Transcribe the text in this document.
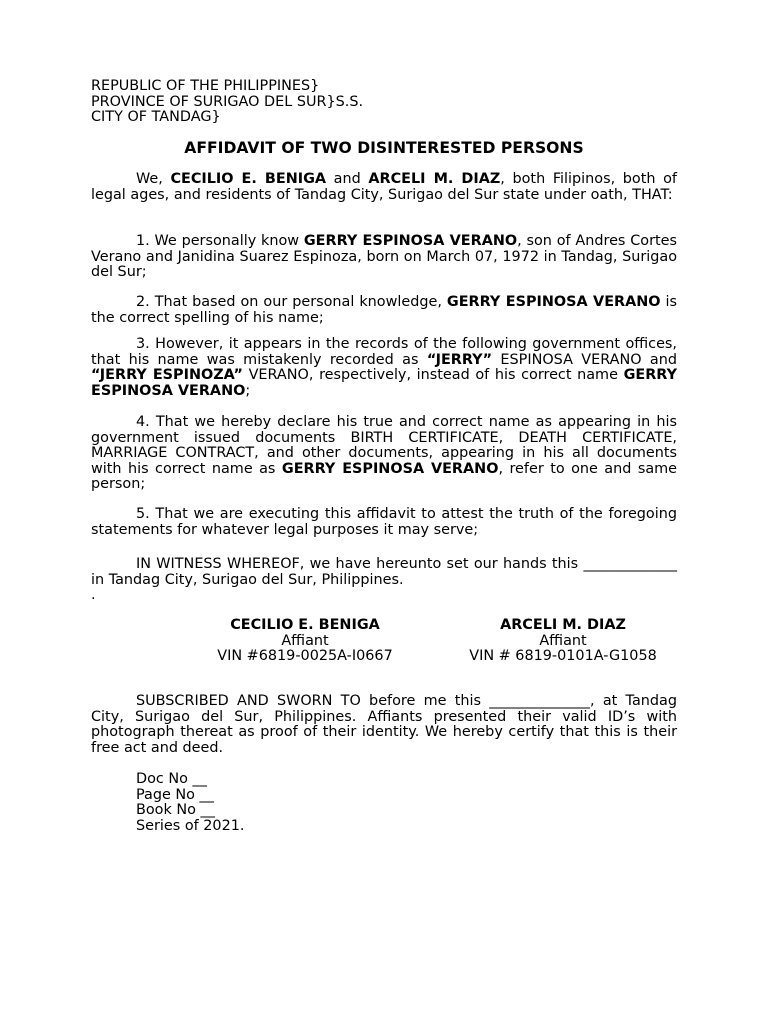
REPUBLIC OF THE PHILIPPINES}
PROVINCE OF SURIGAO DEL SUR}S.S.
CITY OF TANDAG}
AFFIDAVIT OF TWO DISINTERESTED PERSONS

We, CECILIO E. BENIGA and ARCELI M. DIAZ, both Filipinos, both of legal ages, and residents of Tandag City, Surigao del Sur state under oath, THAT:

1. We personally know GERRY ESPINOSA VERANO, son of Andres Cortes Verano and Janidina Suarez Espinoza, born on March 07, 1972 in Tandag, Surigao del Sur;

2. That based on our personal knowledge, GERRY ESPINOSA VERANO is the correct spelling of his name;

3. However, it appears in the records of the following government offices, that his name was mistakenly recorded as “JERRY” ESPINOSA VERANO and “JERRY ESPINOZA” VERANO, respectively, instead of his correct name GERRY ESPINOSA VERANO;

4. That we hereby declare his true and correct name as appearing in his government issued documents BIRTH CERTIFICATE, DEATH CERTIFICATE, MARRIAGE CONTRACT, and other documents, appearing in his all documents with his correct name as GERRY ESPINOSA VERANO, refer to one and same person;

5. That we are executing this affidavit to attest the truth of the foregoing statements for whatever legal purposes it may serve;

IN WITNESS WHEREOF, we have hereunto set our hands this _____________ in Tandag City, Surigao del Sur, Philippines.

.
CECILIO E. BENIGA
Affiant
VIN #6819-0025A-I0667
ARCELI M. DIAZ
Affiant
VIN # 6819-0101A-G1058

SUBSCRIBED AND SWORN TO before me this ______________, at Tandag City, Surigao del Sur, Philippines. Affiants presented their valid ID’s with photograph thereat as proof of their identity. We hereby certify that this is their free act and deed.

Doc No __
Page No __
Book No __
Series of 2021.
